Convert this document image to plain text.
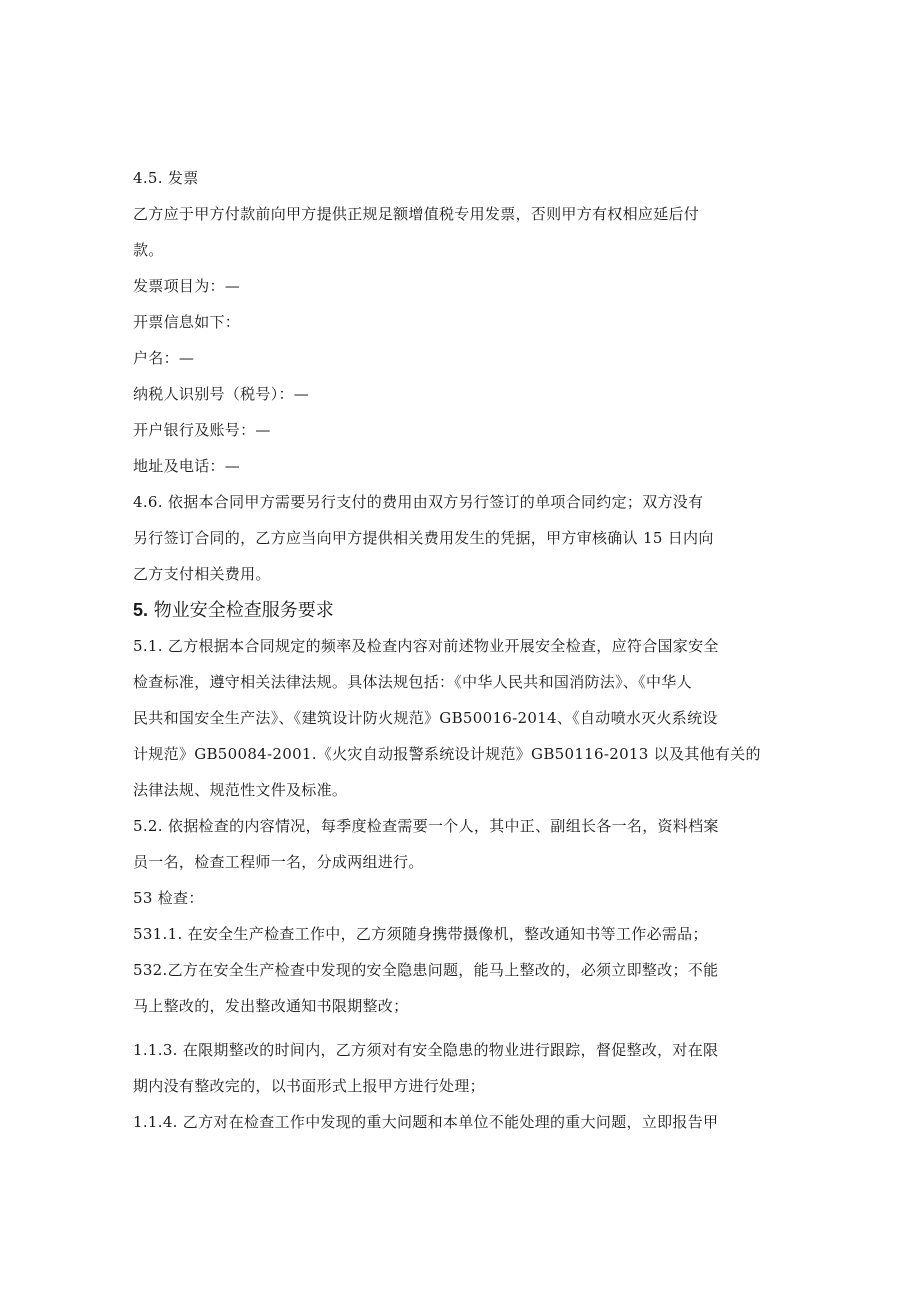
4.5. 发票
乙方应于甲方付款前向甲方提供正规足额增值税专用发票，否则甲方有权相应延后付
款。
发票项目为：—
开票信息如下：
户名：—
纳税人识别号（税号）：—
开户银行及账号：—
地址及电话：—
4.6. 依据本合同甲方需要另行支付的费用由双方另行签订的单项合同约定；双方没有
另行签订合同的，乙方应当向甲方提供相关费用发生的凭据，甲方审核确认 15 日内向
乙方支付相关费用。
5. 物业安全检查服务要求
5.1. 乙方根据本合同规定的频率及检查内容对前述物业开展安全检查，应符合国家安全
检查标准，遵守相关法律法规。具体法规包括：《中华人民共和国消防法》、《中华人
民共和国安全生产法》、《建筑设计防火规范》GB50016-2014、《自动喷水灭火系统设
计规范》GB50084-2001.《火灾自动报警系统设计规范》GB50116-2013 以及其他有关的
法律法规、规范性文件及标准。
5.2. 依据检查的内容情况，每季度检查需要一个人，其中正、副组长各一名，资料档案
员一名，检查工程师一名，分成两组进行。
53 检查：
531.1. 在安全生产检查工作中，乙方须随身携带摄像机，整改通知书等工作必需品；
532.乙方在安全生产检查中发现的安全隐患问题，能马上整改的，必须立即整改；不能
马上整改的，发出整改通知书限期整改；
1.1.3. 在限期整改的时间内，乙方须对有安全隐患的物业进行跟踪，督促整改，对在限
期内没有整改完的，以书面形式上报甲方进行处理；
1.1.4. 乙方对在检查工作中发现的重大问题和本单位不能处理的重大问题，立即报告甲
